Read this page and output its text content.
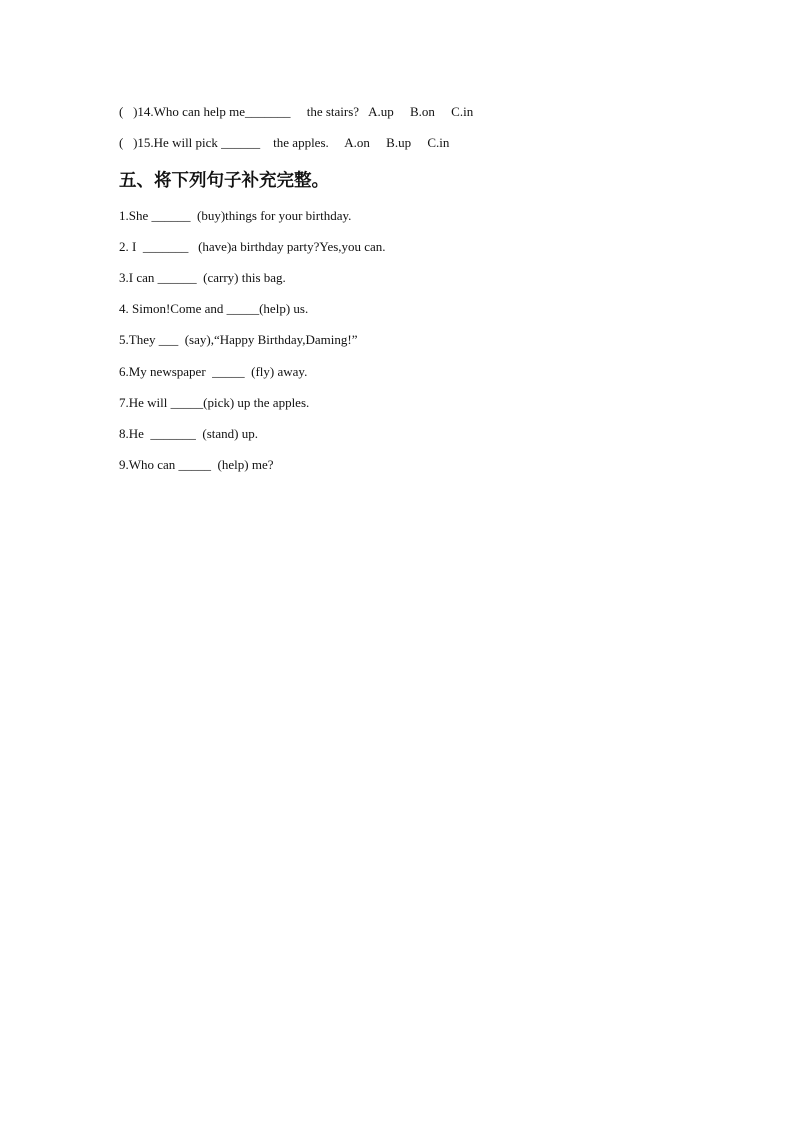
(   )14.Who can help me_______     the stairs?   A.up     B.on     C.in
(   )15.He will pick ______    the apples.     A.on     B.up     C.in
五、将下列句子补充完整。
1.She ______  (buy)things for your birthday.
2. I  _______   (have)a birthday party?Yes,you can.
3.I can ______  (carry) this bag.
4. Simon!Come and _____(help) us.
5.They ___  (say),“Happy Birthday,Daming!”
6.My newspaper  _____  (fly) away.
7.He will _____(pick) up the apples.
8.He  _______  (stand) up.
9.Who can _____  (help) me?
